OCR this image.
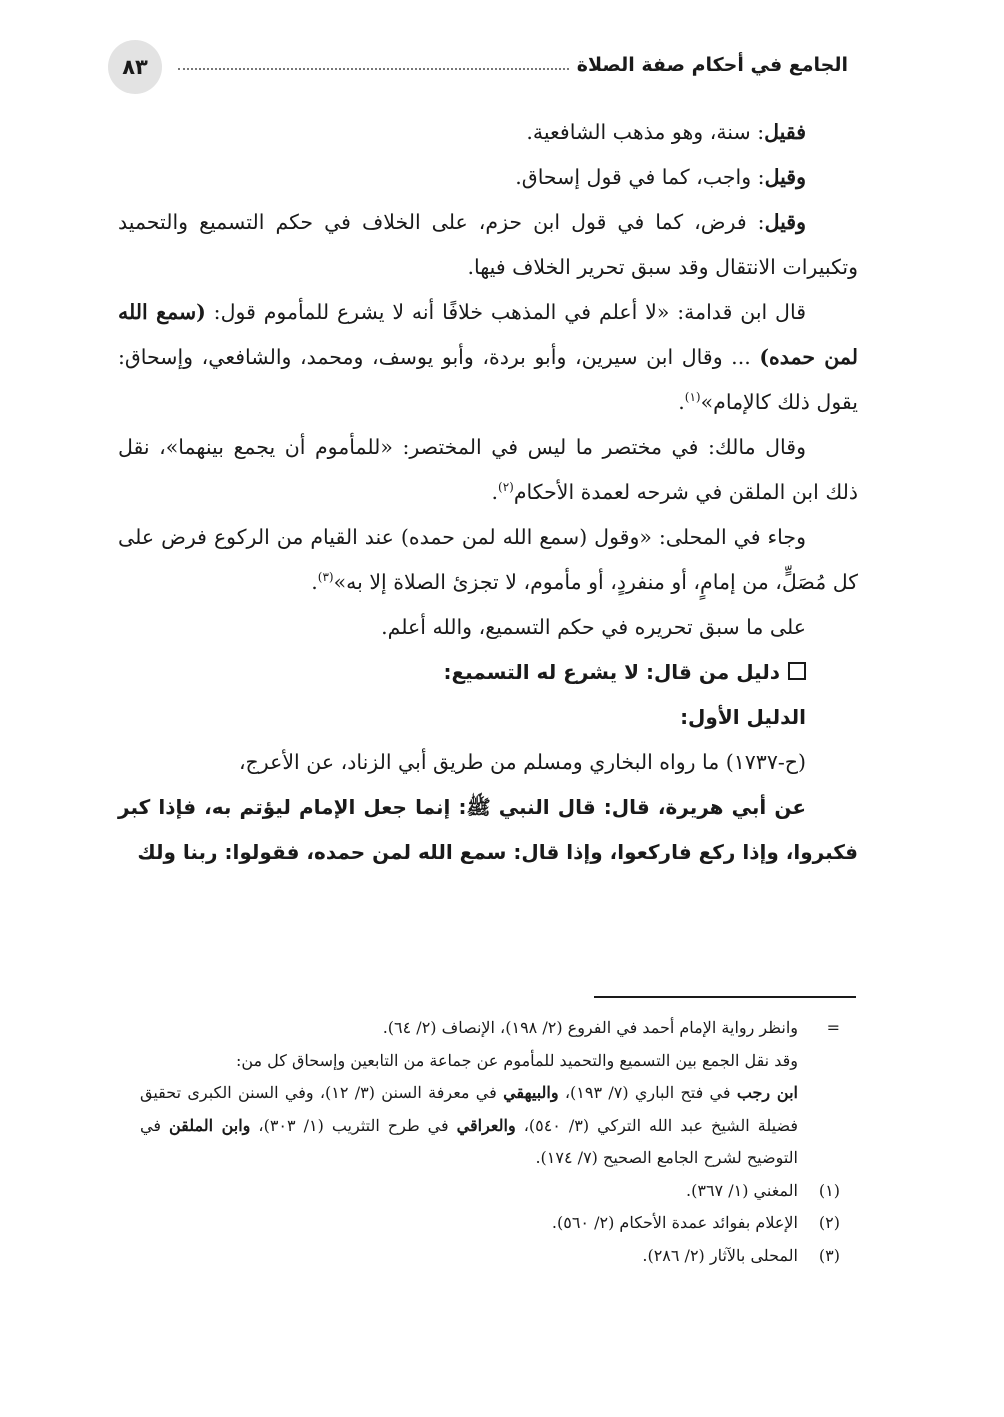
الجامع في أحكام صفة الصلاة
٨٣

فقيل: سنة، وهو مذهب الشافعية.

وقيل: واجب، كما في قول إسحاق.

وقيل: فرض، كما في قول ابن حزم، على الخلاف في حكم التسميع والتحميد وتكبيرات الانتقال وقد سبق تحرير الخلاف فيها.

قال ابن قدامة: «لا أعلم في المذهب خلافًا أنه لا يشرع للمأموم قول: (سمع الله لمن حمده) ... وقال ابن سيرين، وأبو بردة، وأبو يوسف، ومحمد، والشافعي، وإسحاق: يقول ذلك كالإمام»$^{(١)}$.

وقال مالك: في مختصر ما ليس في المختصر: «للمأموم أن يجمع بينهما»، نقل ذلك ابن الملقن في شرحه لعمدة الأحكام$^{(٢)}$.

وجاء في المحلى: «وقول (سمع الله لمن حمده) عند القيام من الركوع فرض على كل مُصَلٍّ، من إمامٍ، أو منفردٍ، أو مأموم، لا تجزئ الصلاة إلا به»$^{(٣)}$.

على ما سبق تحريره في حكم التسميع، والله أعلم.

دليل من قال: لا يشرع له التسميع:

الدليل الأول:

(ح-١٧٣٧) ما رواه البخاري ومسلم من طريق أبي الزناد، عن الأعرج،

عن أبي هريرة، قال: قال النبي ﷺ: إنما جعل الإمام ليؤتم به، فإذا كبر فكبروا، وإذا ركع فاركعوا، وإذا قال: سمع الله لمن حمده، فقولوا: ربنا ولك

=

وانظر رواية الإمام أحمد في الفروع (٢/ ١٩٨)، الإنصاف (٢/ ٦٤).

وقد نقل الجمع بين التسميع والتحميد للمأموم عن جماعة من التابعين وإسحاق كل من:

ابن رجب في فتح الباري (٧/ ١٩٣)، والبيهقي في معرفة السنن (٣/ ١٢)، وفي السنن الكبرى تحقيق فضيلة الشيخ عبد الله التركي (٣/ ٥٤٠)، والعراقي في طرح التثريب (١/ ٣٠٣)، وابن الملقن في التوضيح لشرح الجامع الصحيح (٧/ ١٧٤).

(١)
المغني (١/ ٣٦٧).
(٢)
الإعلام بفوائد عمدة الأحكام (٢/ ٥٦٠).
(٣)
المحلى بالآثار (٢/ ٢٨٦).
